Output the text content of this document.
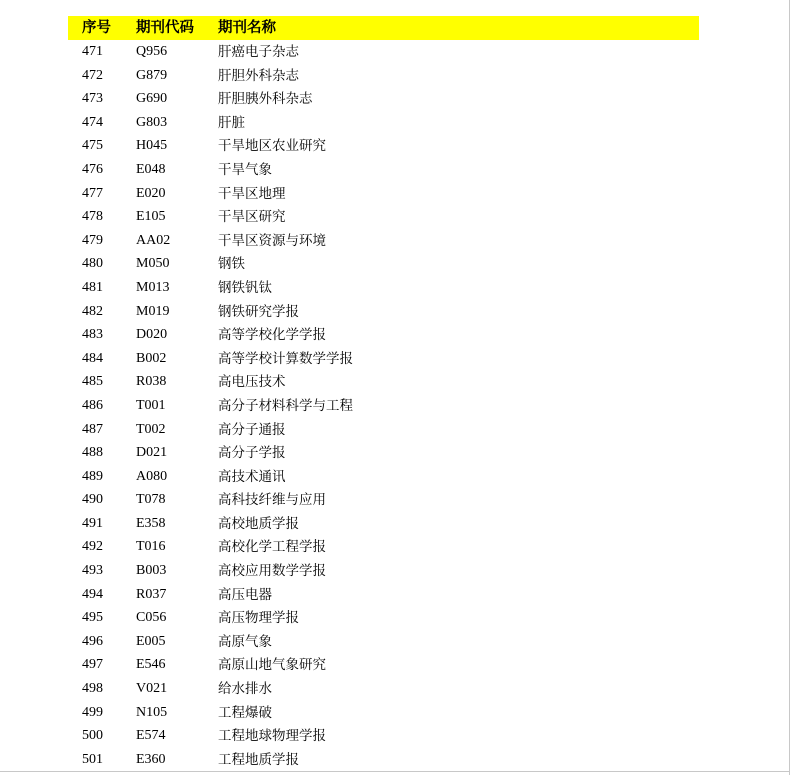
序号 期刊代码 期刊名称
471 Q956	肝癌电子杂志
472 G879	肝胆外科杂志
473 G690	肝胆胰外科杂志
474 G803	肝脏
475 H045	干旱地区农业研究
476 E048	干旱气象
477 E020	干旱区地理
478 E105	干旱区研究
479 AA02	干旱区资源与环境
480 M050	钢铁
481 M013	钢铁钒钛
482 M019	钢铁研究学报
483 D020	高等学校化学学报
484 B002	高等学校计算数学学报
485 R038	高电压技术
486 T001	高分子材料科学与工程
487 T002	高分子通报
488 D021	高分子学报
489 A080	高技术通讯
490 T078	高科技纤维与应用
491 E358	高校地质学报
492 T016	高校化学工程学报
493 B003	高校应用数学学报
494 R037	高压电器
495 C056	高压物理学报
496 E005	高原气象
497 E546	高原山地气象研究
498 V021	给水排水
499 N105	工程爆破
500 E574	工程地球物理学报
501 E360	工程地质学报
